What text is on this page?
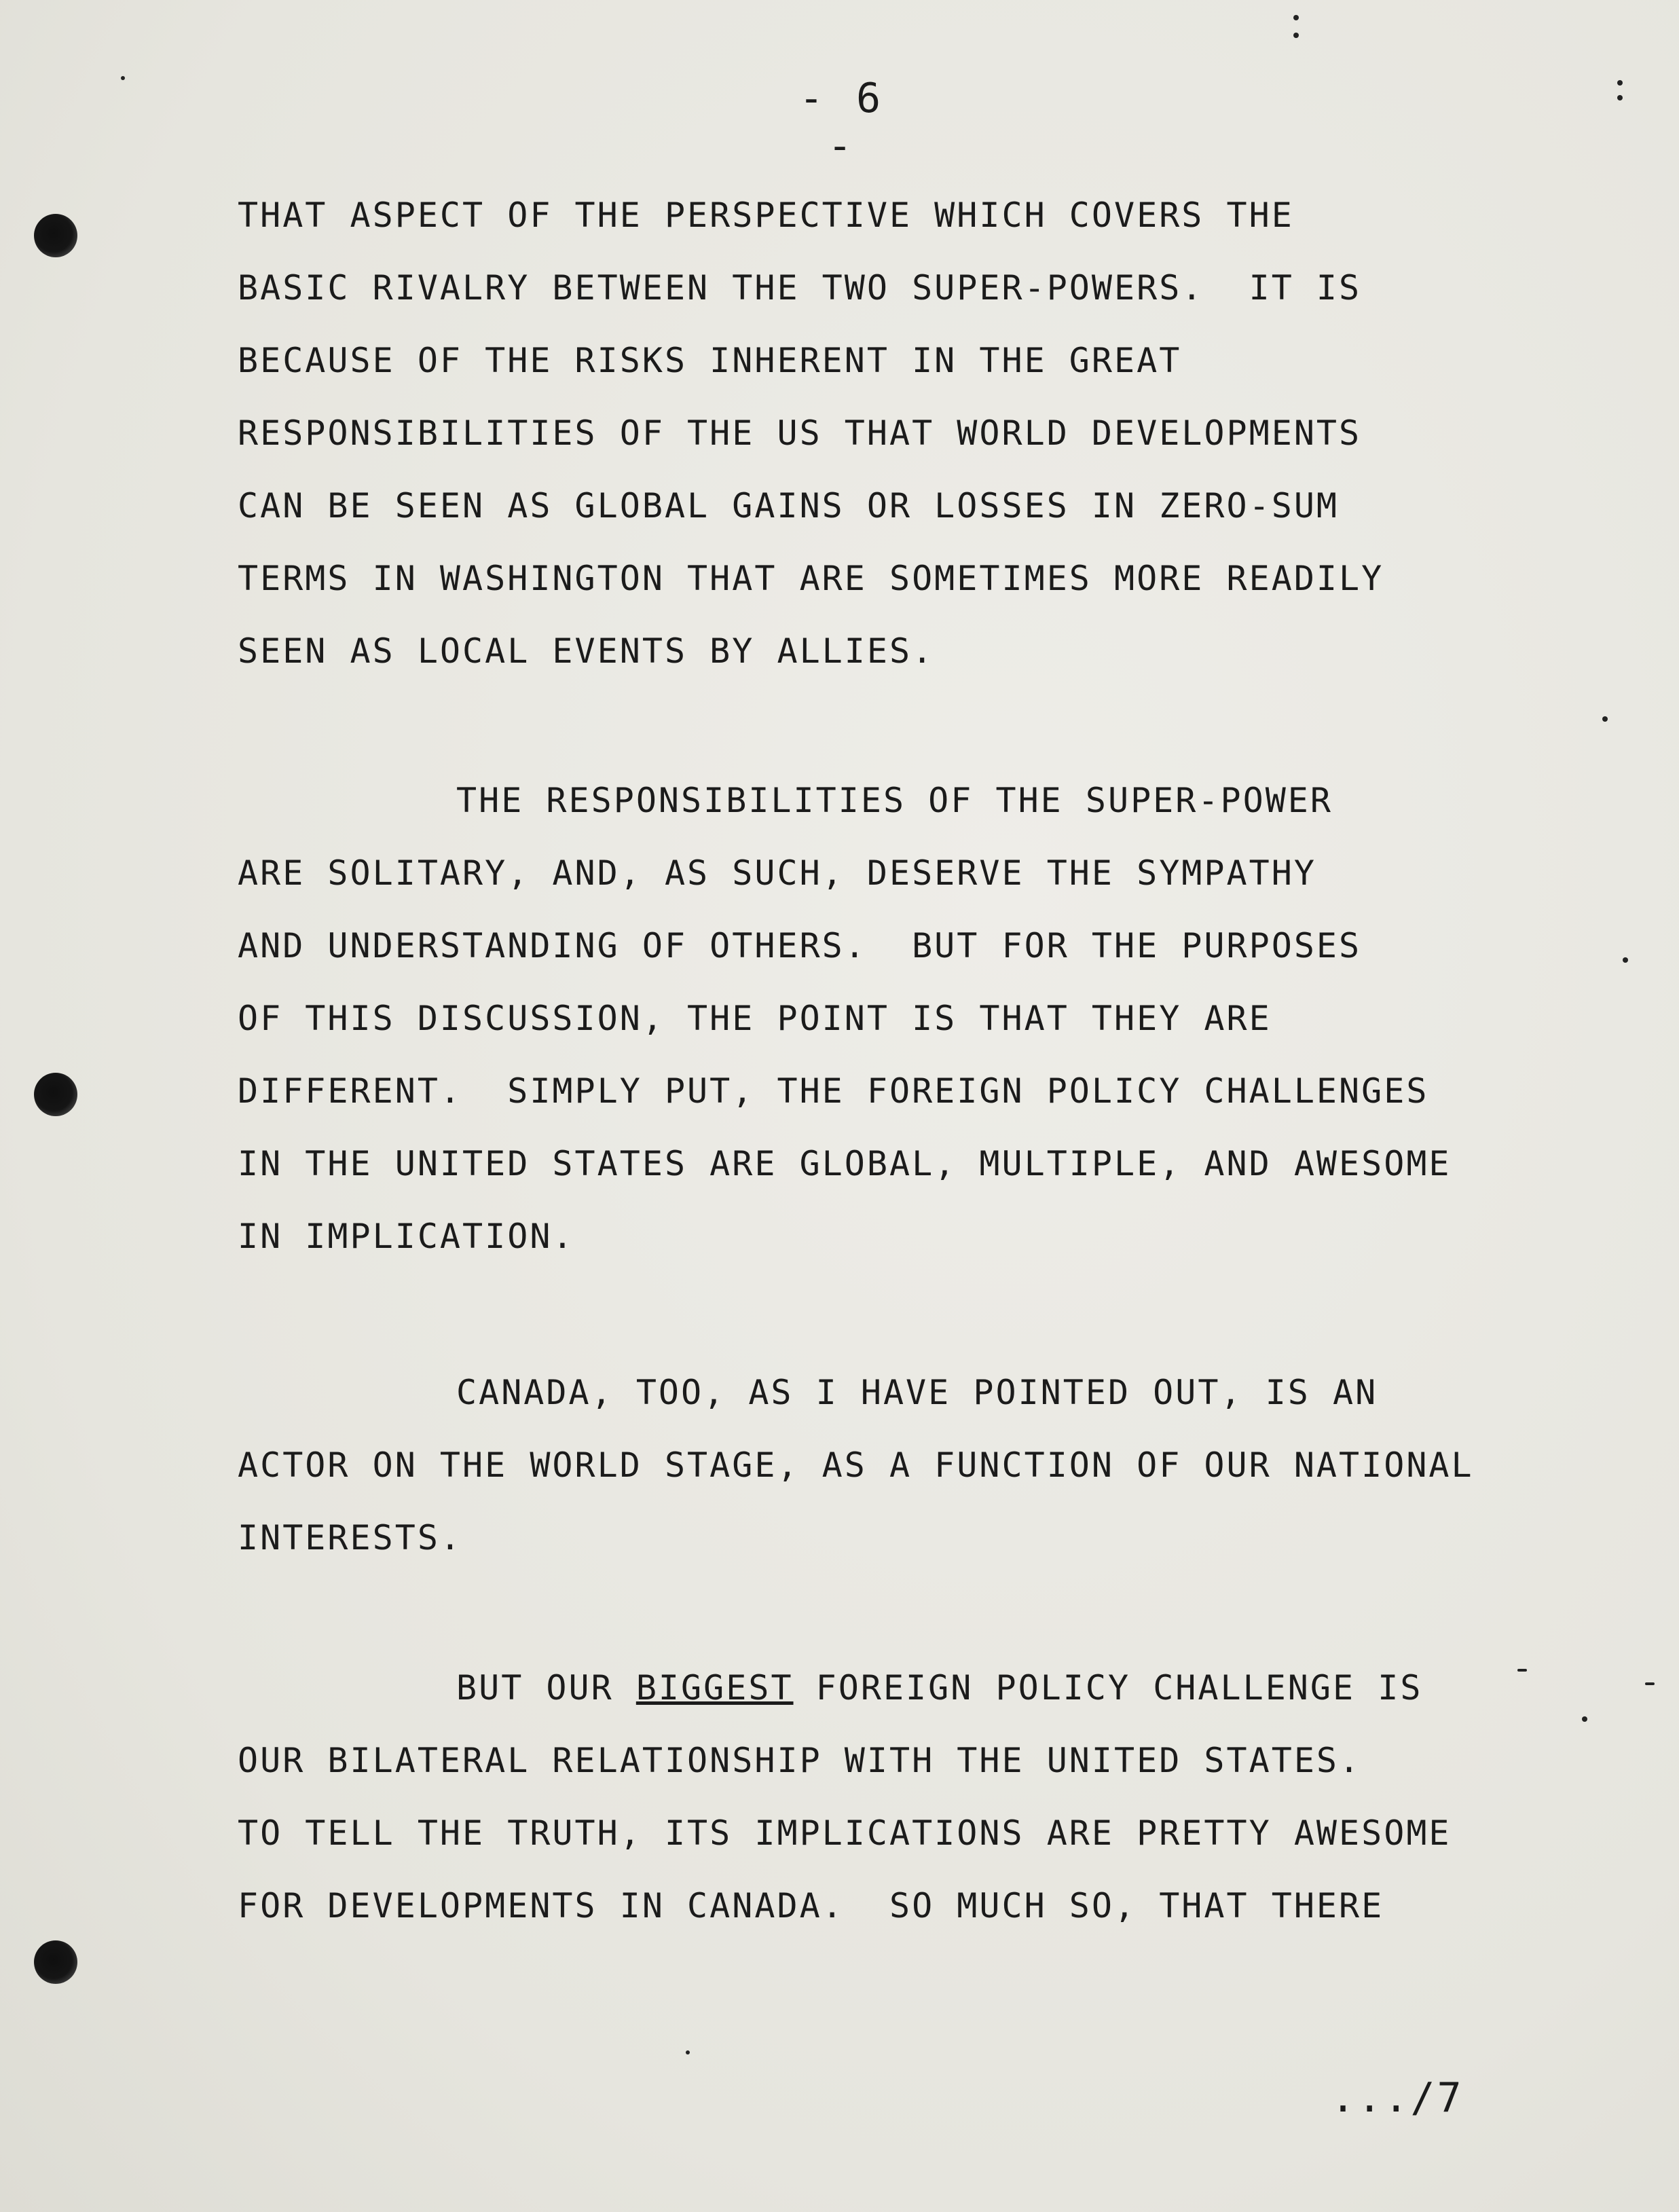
- 6 -
THAT ASPECT OF THE PERSPECTIVE WHICH COVERS THE
BASIC RIVALRY BETWEEN THE TWO SUPER-POWERS.  IT IS
BECAUSE OF THE RISKS INHERENT IN THE GREAT
RESPONSIBILITIES OF THE US THAT WORLD DEVELOPMENTS
CAN BE SEEN AS GLOBAL GAINS OR LOSSES IN ZERO-SUM
TERMS IN WASHINGTON THAT ARE SOMETIMES MORE READILY
SEEN AS LOCAL EVENTS BY ALLIES.
THE RESPONSIBILITIES OF THE SUPER-POWER
ARE SOLITARY, AND, AS SUCH, DESERVE THE SYMPATHY
AND UNDERSTANDING OF OTHERS.  BUT FOR THE PURPOSES
OF THIS DISCUSSION, THE POINT IS THAT THEY ARE
DIFFERENT.  SIMPLY PUT, THE FOREIGN POLICY CHALLENGES
IN THE UNITED STATES ARE GLOBAL, MULTIPLE, AND AWESOME
IN IMPLICATION.
CANADA, TOO, AS I HAVE POINTED OUT, IS AN
ACTOR ON THE WORLD STAGE, AS A FUNCTION OF OUR NATIONAL
INTERESTS.
BUT OUR BIGGEST FOREIGN POLICY CHALLENGE IS
OUR BILATERAL RELATIONSHIP WITH THE UNITED STATES.
TO TELL THE TRUTH, ITS IMPLICATIONS ARE PRETTY AWESOME
FOR DEVELOPMENTS IN CANADA.  SO MUCH SO, THAT THERE
.../7
